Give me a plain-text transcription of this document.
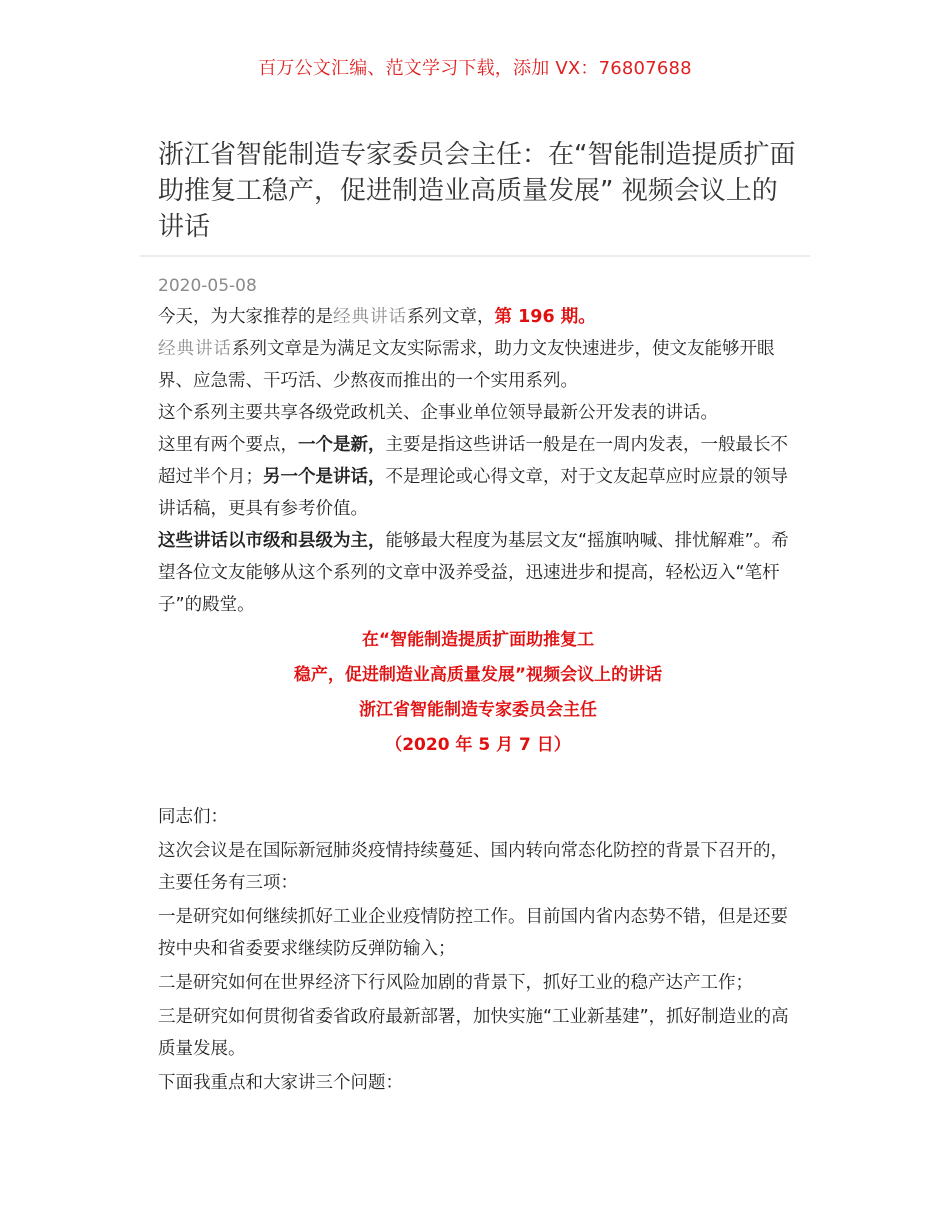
百万公文汇编、范文学习下载，添加 VX：76807688
浙江省智能制造专家委员会主任：在“智能制造提质扩面助推复工稳产，促进制造业高质量发展” 视频会议上的讲话
2020-05-08

今天，为大家推荐的是经典讲话系列文章，第 196 期。

经典讲话系列文章是为满足文友实际需求，助力文友快速进步，使文友能够开眼界、应急需、干巧活、少熬夜而推出的一个实用系列。

这个系列主要共享各级党政机关、企事业单位领导最新公开发表的讲话。

这里有两个要点，一个是新，主要是指这些讲话一般是在一周内发表，一般最长不超过半个月；另一个是讲话，不是理论或心得文章，对于文友起草应时应景的领导讲话稿，更具有参考价值。

这些讲话以市级和县级为主，能够最大程度为基层文友“摇旗呐喊、排忧解难”。希望各位文友能够从这个系列的文章中汲养受益，迅速进步和提高，轻松迈入“笔杆子”的殿堂。

在“智能制造提质扩面助推复工
稳产，促进制造业高质量发展”视频会议上的讲话
浙江省智能制造专家委员会主任
（2020 年 5 月 7 日）

同志们：

这次会议是在国际新冠肺炎疫情持续蔓延、国内转向常态化防控的背景下召开的，主要任务有三项：

一是研究如何继续抓好工业企业疫情防控工作。目前国内省内态势不错，但是还要按中央和省委要求继续防反弹防输入；

二是研究如何在世界经济下行风险加剧的背景下，抓好工业的稳产达产工作；

三是研究如何贯彻省委省政府最新部署，加快实施“工业新基建”，抓好制造业的高质量发展。

下面我重点和大家讲三个问题：
